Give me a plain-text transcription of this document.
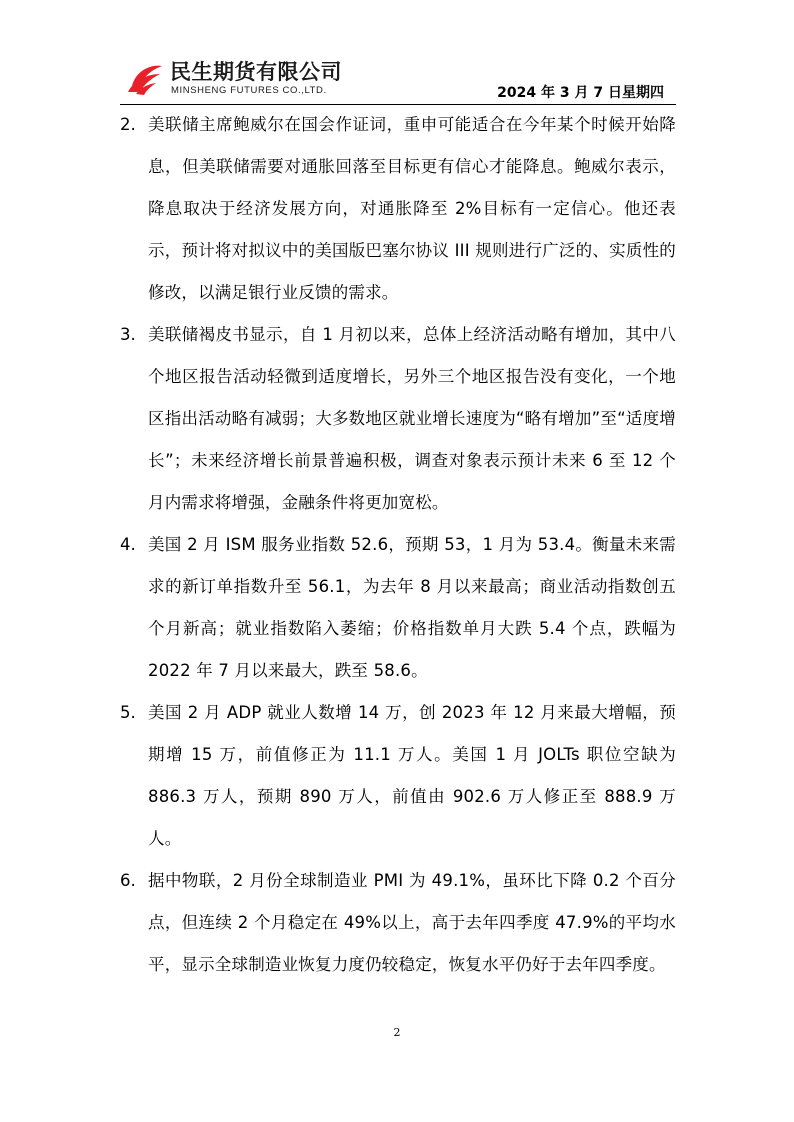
民生期货有限公司
MINSHENG FUTURES CO.,LTD.	2024 年 3 月 7 日星期四
2. 美联储主席鲍威尔在国会作证词，重申可能适合在今年某个时候开始降息，但美联储需要对通胀回落至目标更有信心才能降息。鲍威尔表示，降息取决于经济发展方向，对通胀降至 2%目标有一定信心。他还表示，预计将对拟议中的美国版巴塞尔协议 III 规则进行广泛的、实质性的修改，以满足银行业反馈的需求。
3. 美联储褐皮书显示，自 1 月初以来，总体上经济活动略有增加，其中八个地区报告活动轻微到适度增长，另外三个地区报告没有变化，一个地区指出活动略有减弱；大多数地区就业增长速度为“略有增加”至“适度增长”；未来经济增长前景普遍积极，调查对象表示预计未来 6 至 12 个月内需求将增强，金融条件将更加宽松。
4. 美国 2 月 ISM 服务业指数 52.6，预期 53，1 月为 53.4。衡量未来需求的新订单指数升至 56.1，为去年 8 月以来最高；商业活动指数创五个月新高；就业指数陷入萎缩；价格指数单月大跌 5.4 个点，跌幅为 2022 年 7 月以来最大，跌至 58.6。
5. 美国 2 月 ADP 就业人数增 14 万，创 2023 年 12 月来最大增幅，预期增 15 万，前值修正为 11.1 万人。美国 1 月 JOLTs 职位空缺为 886.3 万人，预期 890 万人，前值由 902.6 万人修正至 888.9 万人。
6. 据中物联，2 月份全球制造业 PMI 为 49.1%，虽环比下降 0.2 个百分点，但连续 2 个月稳定在 49%以上，高于去年四季度 47.9%的平均水平，显示全球制造业恢复力度仍较稳定，恢复水平仍好于去年四季度。
2
